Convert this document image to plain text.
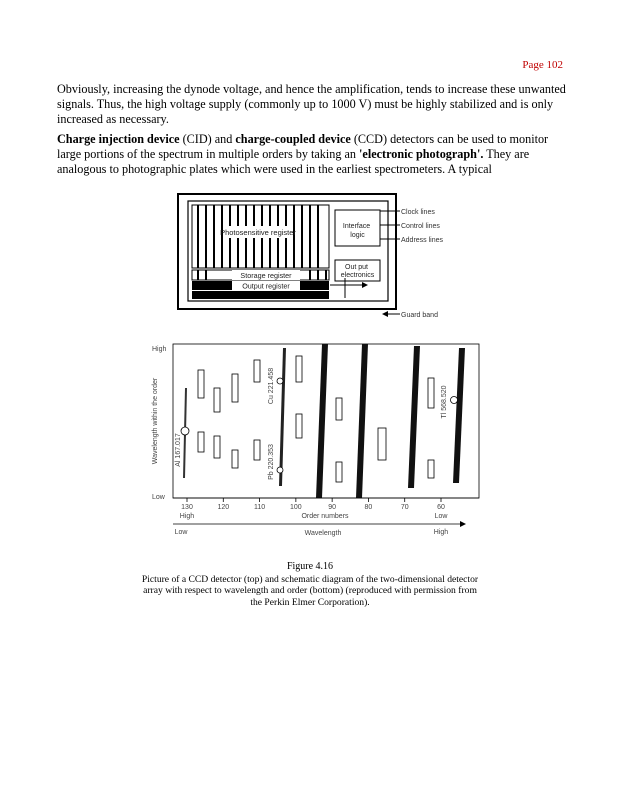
Page 102

Obviously, increasing the dynode voltage, and hence the amplification, tends to increase these unwanted signals. Thus, the high voltage supply (commonly up to 1000 V) must be highly stabilized and is only increased as necessary.

Charge injection device (CID) and charge-coupled device (CCD) detectors can be used to monitor large portions of the spectrum in multiple orders by taking an 'electronic photograph'. They are analogous to photographic plates which were used in the earliest spectrometers. A typical

Photosensitive register
Interface logic
Storage register
Output register
Out put electronics
Clock lines
Control lines
Address lines
Guard band
High
Low
Wavelength within the order Al 167.017	Pb 220.353
Cu 221.458	Tl 568.520
130	120	110	100	90	80	70	60
High	Order numbers	Low
Low	Wavelength	High
Figure 4.16
Picture of a CCD detector (top) and schematic diagram of the two-dimensional detector array with respect to wavelength and order (bottom) (reproduced with permission from the Perkin Elmer Corporation).
